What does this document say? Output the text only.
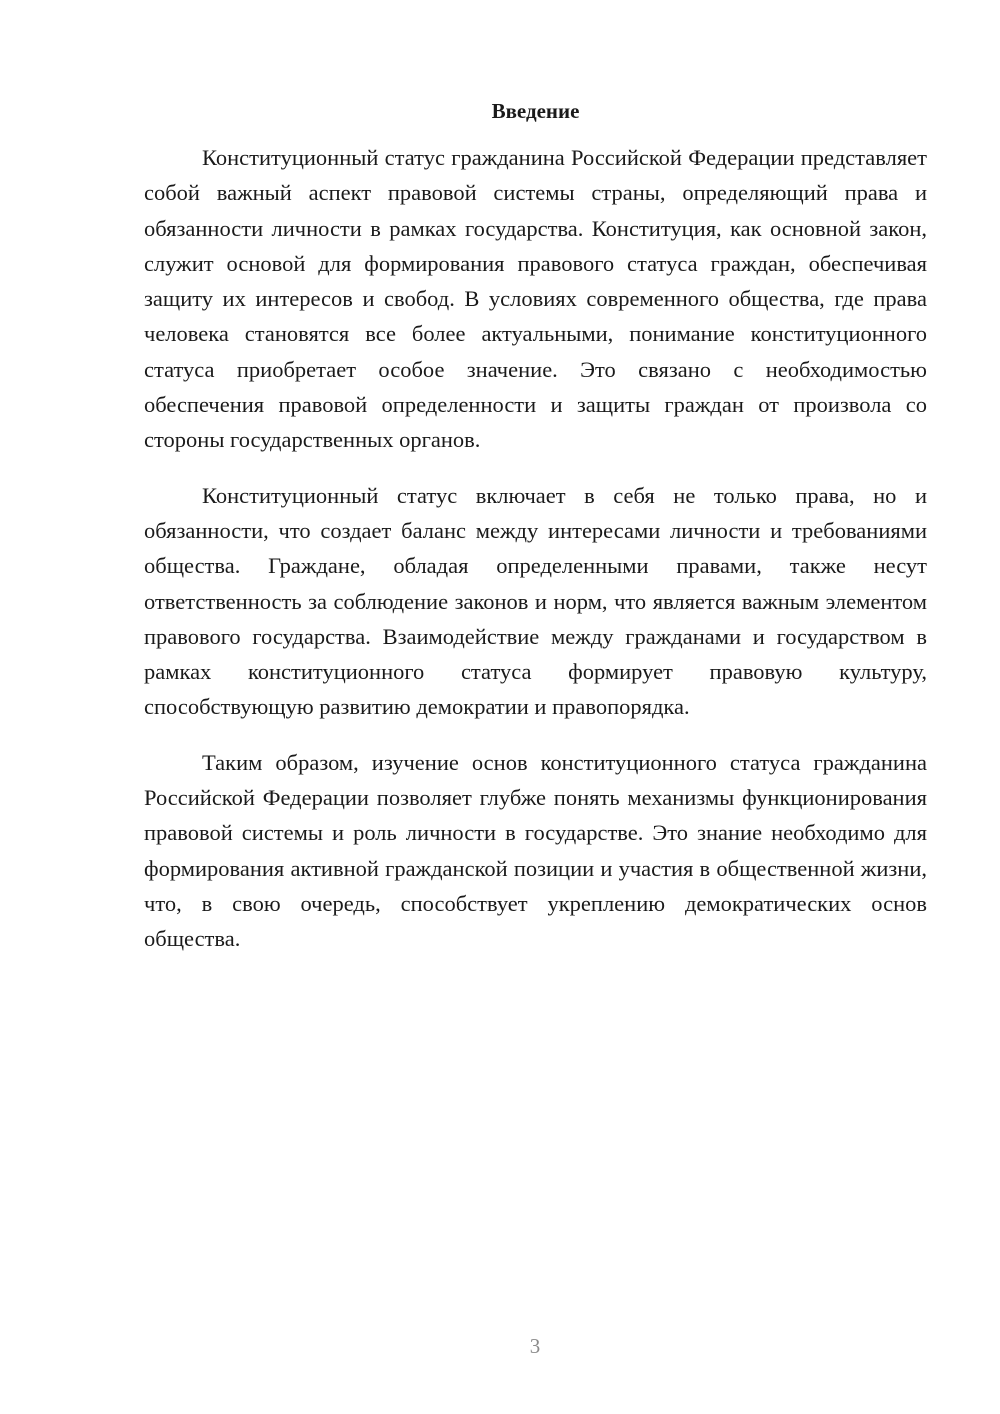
Введение

Конституционный статус гражданина Российской Федерации представляет собой важный аспект правовой системы страны, определяющий права и обязанности личности в рамках государства. Конституция, как основной закон, служит основой для формирования правового статуса граждан, обеспечивая защиту их интересов и свобод. В условиях современного общества, где права человека становятся все более актуальными, понимание конституционного статуса приобретает особое значение. Это связано с необходимостью обеспечения правовой определенности и защиты граждан от произвола со стороны государственных органов.

Конституционный статус включает в себя не только права, но и обязанности, что создает баланс между интересами личности и требованиями общества. Граждане, обладая определенными правами, также несут ответственность за соблюдение законов и норм, что является важным элементом правового государства. Взаимодействие между гражданами и государством в рамках конституционного статуса формирует правовую культуру, способствующую развитию демократии и правопорядка.

Таким образом, изучение основ конституционного статуса гражданина Российской Федерации позволяет глубже понять механизмы функционирования правовой системы и роль личности в государстве. Это знание необходимо для формирования активной гражданской позиции и участия в общественной жизни, что, в свою очередь, способствует укреплению демократических основ общества.

3
